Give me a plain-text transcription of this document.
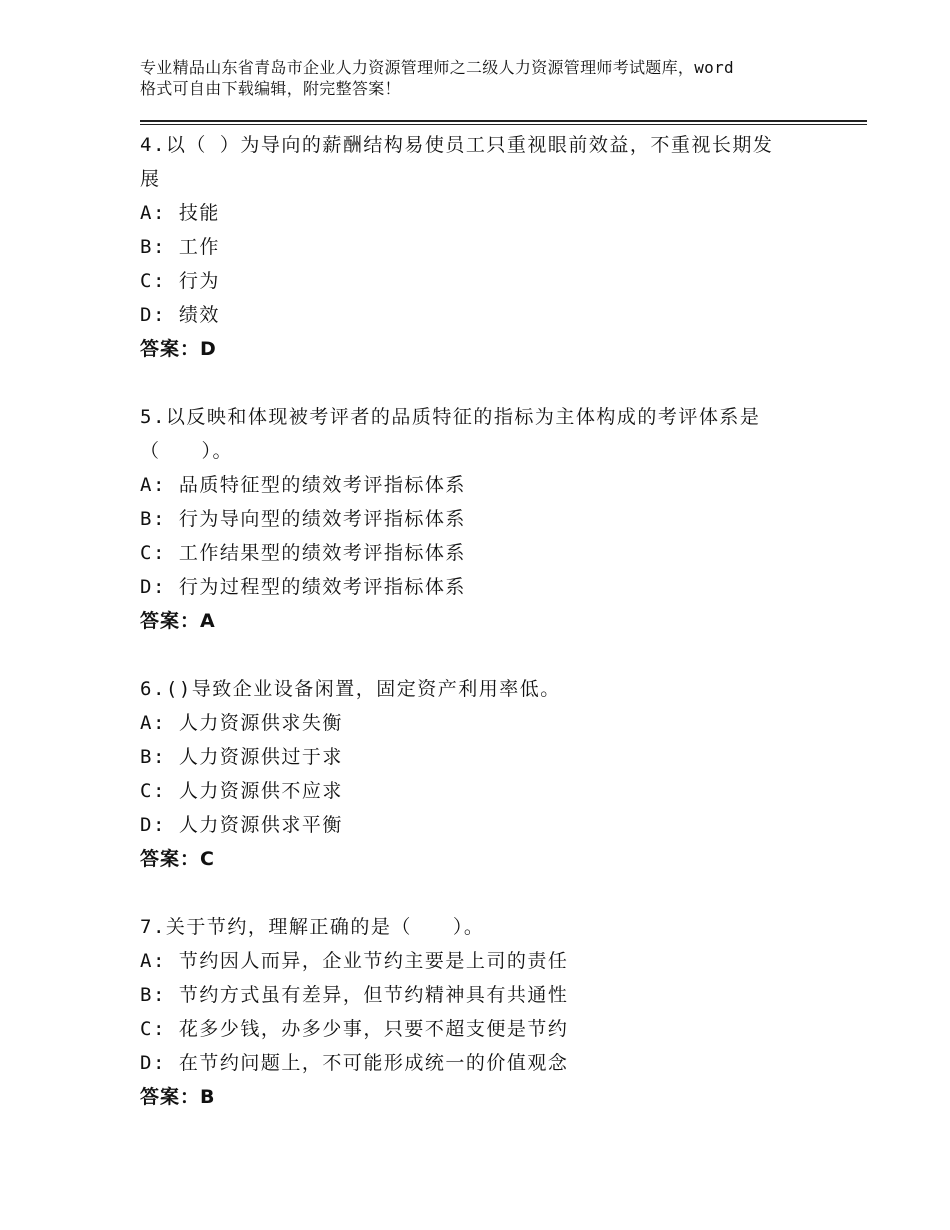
专业精品山东省青岛市企业人力资源管理师之二级人力资源管理师考试题库，word
格式可自由下载编辑，附完整答案！
4.以（ ）为导向的薪酬结构易使员工只重视眼前效益，不重视长期发
展
A: 技能
B: 工作
C: 行为
D: 绩效
答案：D
5.以反映和体现被考评者的品质特征的指标为主体构成的考评体系是
（　　）。
A: 品质特征型的绩效考评指标体系
B: 行为导向型的绩效考评指标体系
C: 工作结果型的绩效考评指标体系
D: 行为过程型的绩效考评指标体系
答案：A
6.()导致企业设备闲置，固定资产利用率低。
A: 人力资源供求失衡
B: 人力资源供过于求
C: 人力资源供不应求
D: 人力资源供求平衡
答案：C
7.关于节约，理解正确的是（　　）。
A: 节约因人而异，企业节约主要是上司的责任
B: 节约方式虽有差异，但节约精神具有共通性
C: 花多少钱，办多少事，只要不超支便是节约
D: 在节约问题上，不可能形成统一的价值观念
答案：B
